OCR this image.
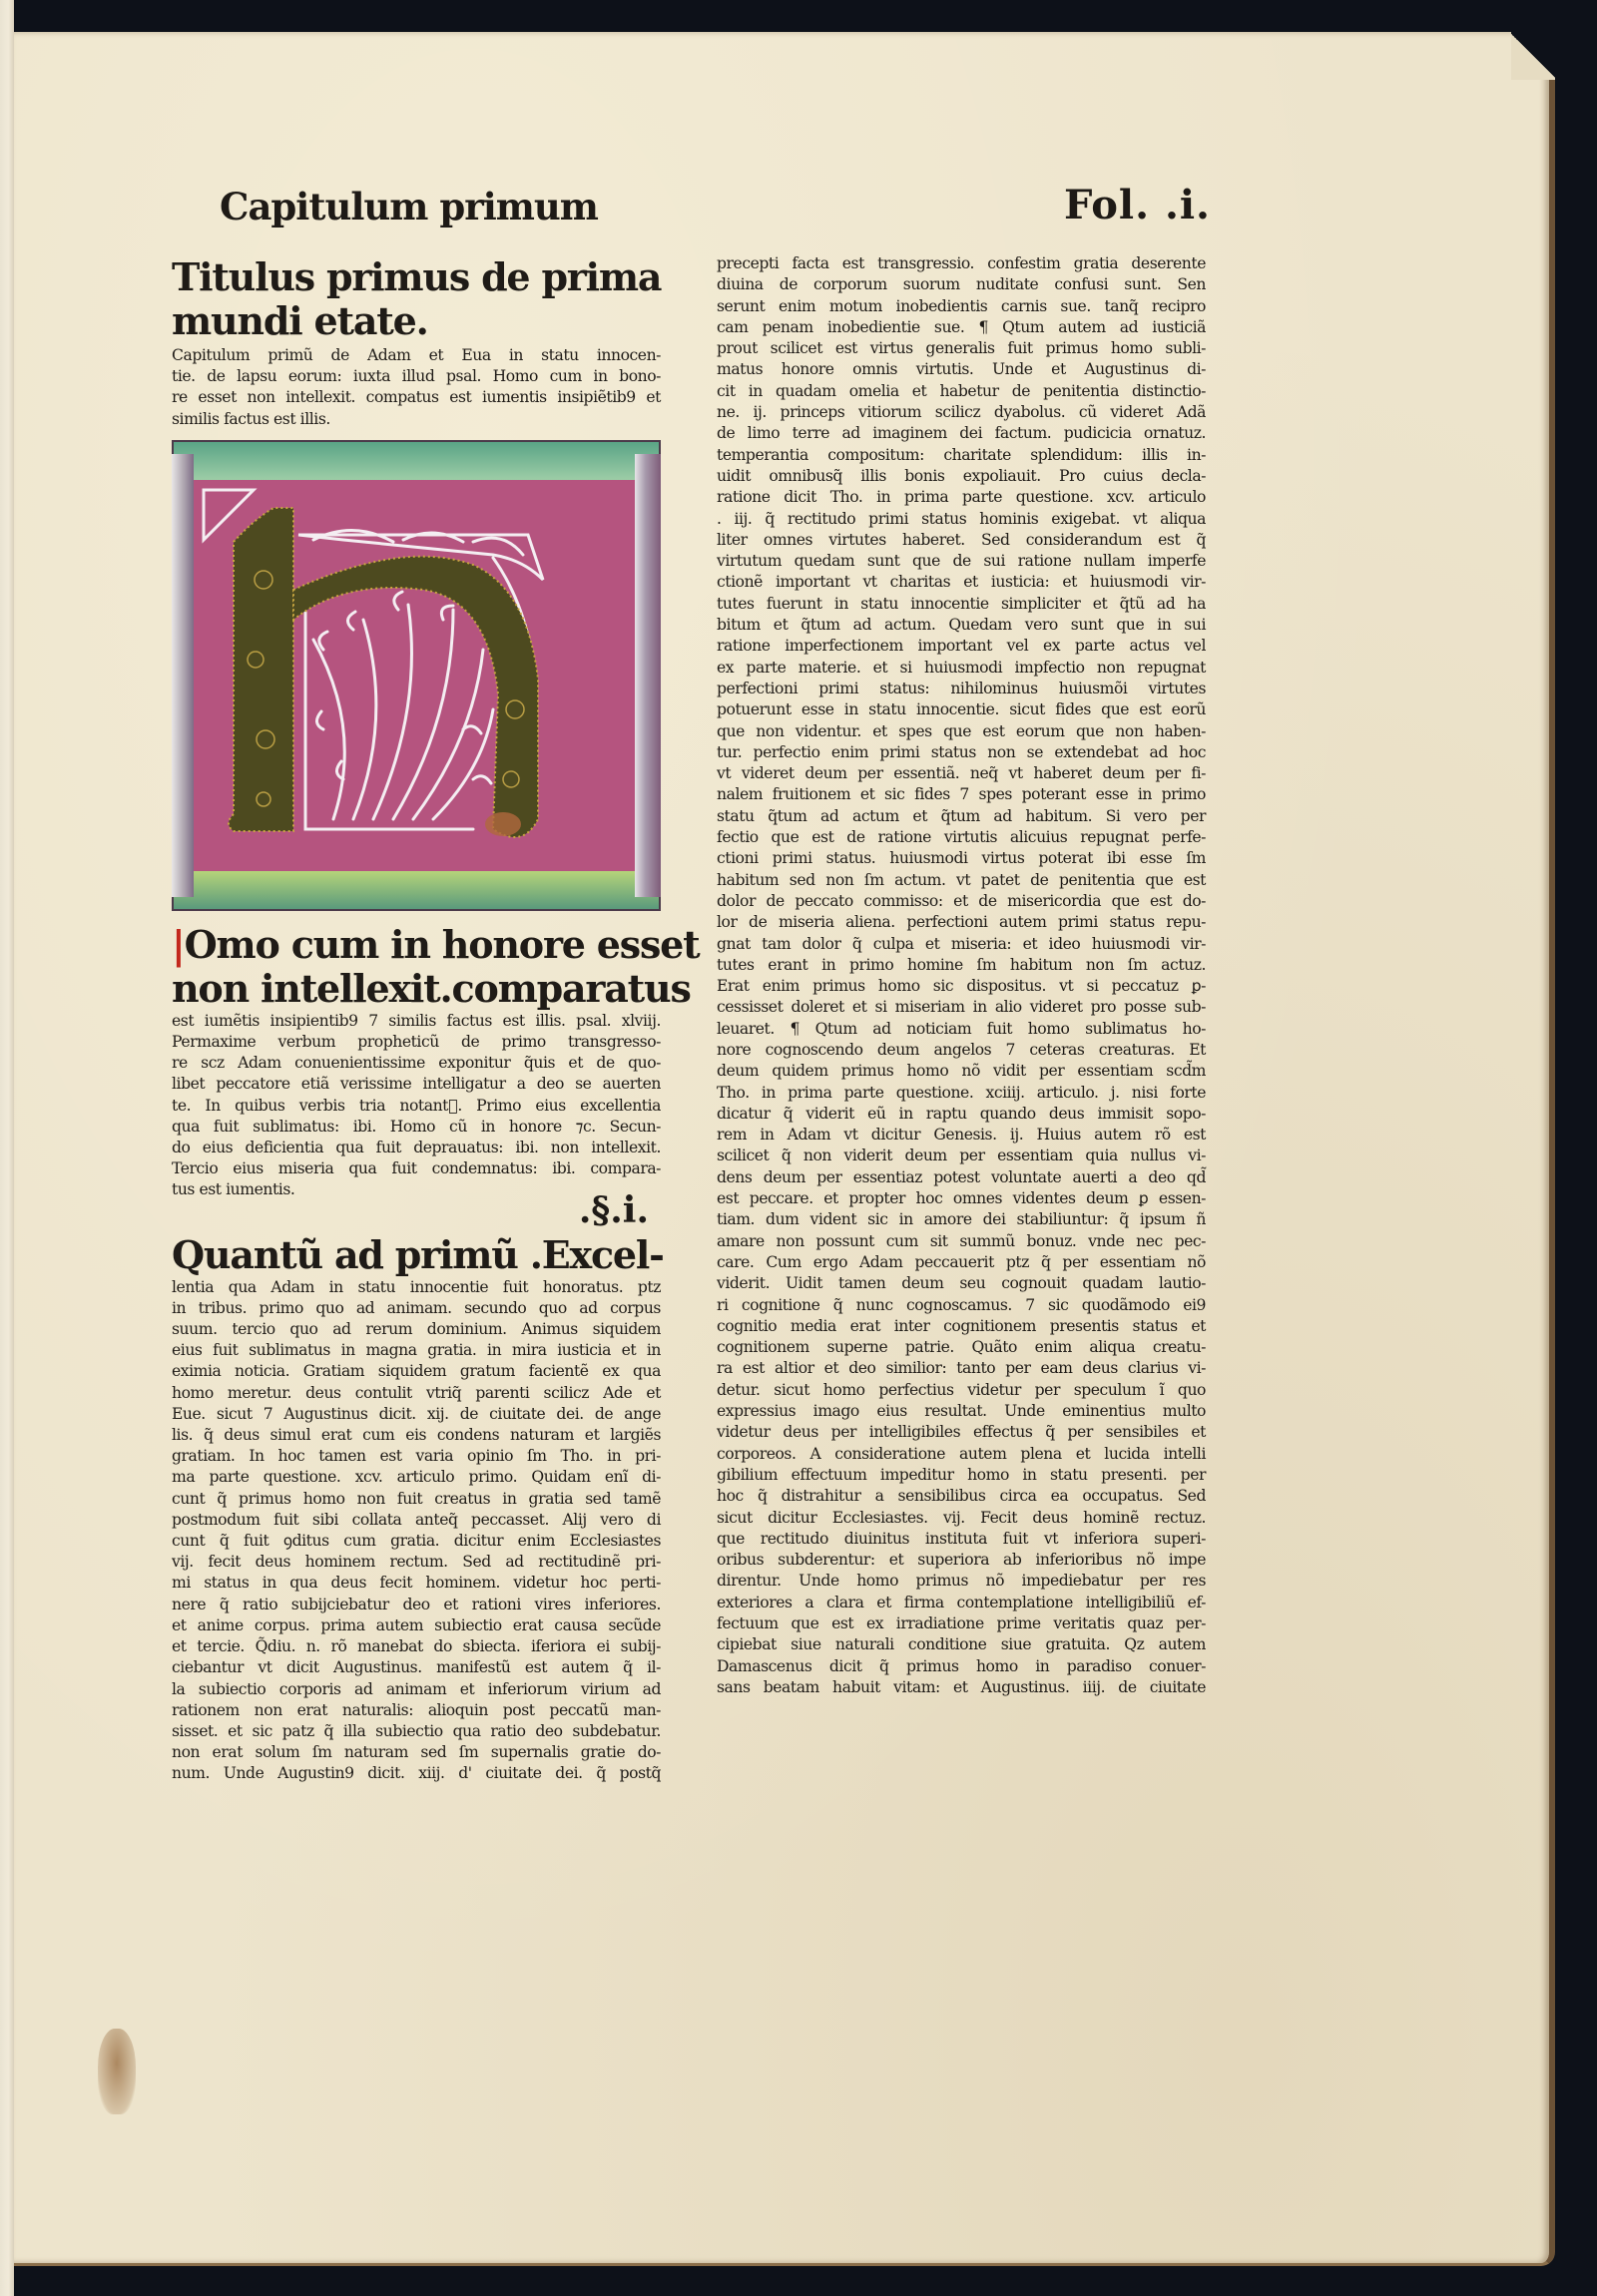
Capitulum primum	Fol. .i.
Titulus primus de prima
mundi etate.
Capitulum primũ de Adam et Eua in statu innocen-
tie. de lapsu eorum: iuxta illud psal. Homo cum in bono-
re esset non intellexit. compatus est iumentis insipiẽtib9 et
similis factus est illis.
|Omo cum in honore esset
non intellexit.comparatus
est iumẽtis insipientib9 7 similis factus est illis. psal. xlviij.
Permaxime verbum propheticũ de primo transgresso-
re scz Adam conuenientissime exponitur q̃uis et de quo-
libet peccatore etiã verissime intelligatur a deo se auerten
te. In quibus verbis tria notant᷑. Primo eius excellentia
qua fuit sublimatus: ibi. Homo cũ in honore ⁊c. Secun-
do eius deficientia qua fuit deprauatus: ibi. non intellexit.
Tercio eius miseria qua fuit condemnatus: ibi. compara-
tus est iumentis.	.§.i.
Quantũ ad primũ .Excel-
lentia qua Adam in statu innocentie fuit honoratus. ptz
in tribus. primo quo ad animam. secundo quo ad corpus
suum. tercio quo ad rerum dominium. Animus siquidem
eius fuit sublimatus in magna gratia. in mira iusticia et in
eximia noticia. Gratiam siquidem gratum facientẽ ex qua
homo meretur. deus contulit vtriq̃ parenti scilicz Ade et
Eue. sicut 7 Augustinus dicit. xij. de ciuitate dei. de ange
lis. q̃ deus simul erat cum eis condens naturam et largiẽs
gratiam. In hoc tamen est varia opinio ſm Tho. in pri-
ma parte questione. xcv. articulo primo. Quidam enĩ di-
cunt q̃ primus homo non fuit creatus in gratia sed tamẽ
postmodum fuit sibi collata anteq̃ peccasset. Alij vero di
cunt q̃ fuit ꝯditus cum gratia. dicitur enim Ecclesiastes
vij. fecit deus hominem rectum. Sed ad rectitudinẽ pri-
mi status in qua deus fecit hominem. videtur hoc perti-
nere q̃ ratio subijciebatur deo et rationi vires inferiores.
et anime corpus. prima autem subiectio erat causa secũde
et tercie. Q̃diu. n. rõ manebat do sbiecta. iferiora ei subij-
ciebantur vt dicit Augustinus. manifestũ est autem q̃ il-
la subiectio corporis ad animam et inferiorum virium ad
rationem non erat naturalis: alioquin post peccatũ man-
sisset. et sic patz q̃ illa subiectio qua ratio deo subdebatur.
non erat solum ſm naturam sed ſm supernalis gratie do-
num. Unde Augustin9 dicit. xiij. d' ciuitate dei. q̃ postq̃
precepti facta est transgressio. confestim gratia deserente
diuina de corporum suorum nuditate confusi sunt. Sen
serunt enim motum inobedientis carnis sue. tanq̃ recipro
cam penam inobedientie sue. ¶ Qtum autem ad iusticiã
prout scilicet est virtus generalis fuit primus homo subli-
matus honore omnis virtutis. Unde et Augustinus di-
cit in quadam omelia et habetur de penitentia distinctio-
ne. ij. princeps vitiorum scilicz dyabolus. cũ videret Adã
de limo terre ad imaginem dei factum. pudicicia ornatuz.
temperantia compositum: charitate splendidum: illis in-
uidit omnibusq̃ illis bonis expoliauit. Pro cuius decla-
ratione dicit Tho. in prima parte questione. xcv. articulo
. iij. q̃ rectitudo primi status hominis exigebat. vt aliqua
liter omnes virtutes haberet. Sed considerandum est q̃
virtutum quedam sunt que de sui ratione nullam imperfe
ctionẽ important vt charitas et iusticia: et huiusmodi vir-
tutes fuerunt in statu innocentie simpliciter et q̃tũ ad ha
bitum et q̃tum ad actum. Quedam vero sunt que in sui
ratione imperfectionem important vel ex parte actus vel
ex parte materie. et si huiusmodi impfectio non repugnat
perfectioni primi status: nihilominus huiusmõi virtutes
potuerunt esse in statu innocentie. sicut fides que est eorũ
que non videntur. et spes que est eorum que non haben-
tur. perfectio enim primi status non se extendebat ad hoc
vt videret deum per essentiã. neq̃ vt haberet deum per fi-
nalem fruitionem et sic fides 7 spes poterant esse in primo
statu q̃tum ad actum et q̃tum ad habitum. Si vero per
fectio que est de ratione virtutis alicuius repugnat perfe-
ctioni primi status. huiusmodi virtus poterat ibi esse ſm
habitum sed non ſm actum. vt patet de penitentia que est
dolor de peccato commisso: et de misericordia que est do-
lor de miseria aliena. perfectioni autem primi status repu-
gnat tam dolor q̃ culpa et miseria: et ideo huiusmodi vir-
tutes erant in primo homine ſm habitum non ſm actuz.
Erat enim primus homo sic dispositus. vt si peccatuz ꝑ-
cessisset doleret et si miseriam in alio videret pro posse sub-
leuaret. ¶ Qtum ad noticiam fuit homo sublimatus ho-
nore cognoscendo deum angelos 7 ceteras creaturas. Et
deum quidem primus homo nõ vidit per essentiam scd̃m
Tho. in prima parte questione. xciiij. articulo. j. nisi forte
dicatur q̃ viderit eũ in raptu quando deus immisit sopo-
rem in Adam vt dicitur Genesis. ij. Huius autem rõ est
scilicet q̃ non viderit deum per essentiam quia nullus vi-
dens deum per essentiaz potest voluntate auerti a deo qd̃
est peccare. et propter hoc omnes videntes deum ꝑ essen-
tiam. dum vident sic in amore dei stabiliuntur: q̃ ipsum ñ
amare non possunt cum sit summũ bonuz. vnde nec pec-
care. Cum ergo Adam peccauerit ptz q̃ per essentiam nõ
viderit. Uidit tamen deum seu cognouit quadam lautio-
ri cognitione q̃ nunc cognoscamus. 7 sic quodãmodo ei9
cognitio media erat inter cognitionem presentis status et
cognitionem superne patrie. Quãto enim aliqua creatu-
ra est altior et deo similior: tanto per eam deus clarius vi-
detur. sicut homo perfectius videtur per speculum ĩ quo
expressius imago eius resultat. Unde eminentius multo
videtur deus per intelligibiles effectus q̃ per sensibiles et
corporeos. A consideratione autem plena et lucida intelli
gibilium effectuum impeditur homo in statu presenti. per
hoc q̃ distrahitur a sensibilibus circa ea occupatus. Sed
sicut dicitur Ecclesiastes. vij. Fecit deus hominẽ rectuz.
que rectitudo diuinitus instituta fuit vt inferiora superi-
oribus subderentur: et superiora ab inferioribus nõ impe
direntur. Unde homo primus nõ impediebatur per res
exteriores a clara et firma contemplatione intelligibiliũ ef-
fectuum que est ex irradiatione prime veritatis quaz per-
cipiebat siue naturali conditione siue gratuita. Qz autem
Damascenus dicit q̃ primus homo in paradiso conuer-
sans beatam habuit vitam: et Augustinus. iiij. de ciuitate
